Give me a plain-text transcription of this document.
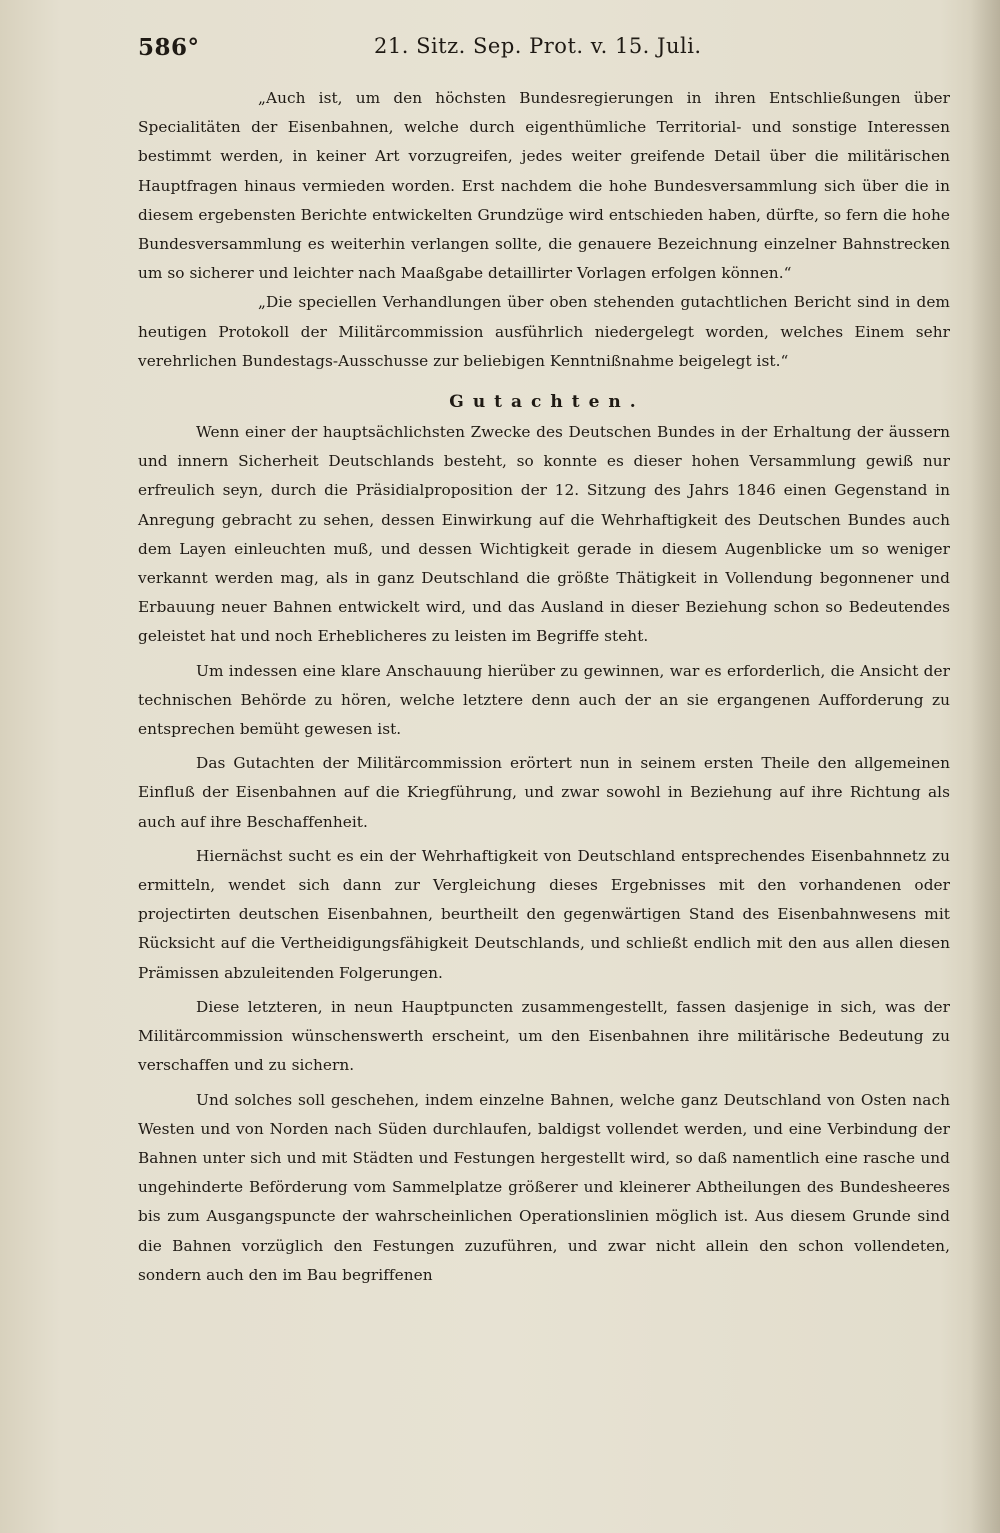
586°	21. Sitz. Sep. Prot. v. 15. Juli.

„Auch ist, um den höchsten Bundesregierungen in ihren Entschließungen über Specialitäten der Eisenbahnen, welche durch eigenthümliche Territorial- und sonstige Interessen bestimmt werden, in keiner Art vorzugreifen, jedes weiter greifende Detail über die militärischen Hauptfragen hinaus vermieden worden. Erst nachdem die hohe Bundesversammlung sich über die in diesem ergebensten Berichte entwickelten Grundzüge wird entschieden haben, dürfte, so fern die hohe Bundesversammlung es weiterhin verlangen sollte, die genauere Bezeichnung einzelner Bahnstrecken um so sicherer und leichter nach Maaßgabe detaillirter Vorlagen erfolgen können.“

„Die speciellen Verhandlungen über oben stehenden gutachtlichen Bericht sind in dem heutigen Protokoll der Militärcommission ausführlich niedergelegt worden, welches Einem sehr verehrlichen Bundestags-Ausschusse zur beliebigen Kenntnißnahme beigelegt ist.“

Gutachten.

Wenn einer der hauptsächlichsten Zwecke des Deutschen Bundes in der Erhaltung der äussern und innern Sicherheit Deutschlands besteht, so konnte es dieser hohen Versammlung gewiß nur erfreulich seyn, durch die Präsidialproposition der 12. Sitzung des Jahrs 1846 einen Gegenstand in Anregung gebracht zu sehen, dessen Einwirkung auf die Wehrhaftigkeit des Deutschen Bundes auch dem Layen einleuchten muß, und dessen Wichtigkeit gerade in diesem Augenblicke um so weniger verkannt werden mag, als in ganz Deutschland die größte Thätigkeit in Vollendung begonnener und Erbauung neuer Bahnen entwickelt wird, und das Ausland in dieser Beziehung schon so Bedeutendes geleistet hat und noch Erheblicheres zu leisten im Begriffe steht.

Um indessen eine klare Anschauung hierüber zu gewinnen, war es erforderlich, die Ansicht der technischen Behörde zu hören, welche letztere denn auch der an sie ergangenen Aufforderung zu entsprechen bemüht gewesen ist.

Das Gutachten der Militärcommission erörtert nun in seinem ersten Theile den allgemeinen Einfluß der Eisenbahnen auf die Kriegführung, und zwar sowohl in Beziehung auf ihre Richtung als auch auf ihre Beschaffenheit.

Hiernächst sucht es ein der Wehrhaftigkeit von Deutschland entsprechendes Eisenbahnnetz zu ermitteln, wendet sich dann zur Vergleichung dieses Ergebnisses mit den vorhandenen oder projectirten deutschen Eisenbahnen, beurtheilt den gegenwärtigen Stand des Eisenbahnwesens mit Rücksicht auf die Vertheidigungsfähigkeit Deutschlands, und schließt endlich mit den aus allen diesen Prämissen abzuleitenden Folgerungen.

Diese letzteren, in neun Hauptpuncten zusammengestellt, fassen dasjenige in sich, was der Militärcommission wünschenswerth erscheint, um den Eisenbahnen ihre militärische Bedeutung zu verschaffen und zu sichern.

Und solches soll geschehen, indem einzelne Bahnen, welche ganz Deutschland von Osten nach Westen und von Norden nach Süden durchlaufen, baldigst vollendet werden, und eine Verbindung der Bahnen unter sich und mit Städten und Festungen hergestellt wird, so daß namentlich eine rasche und ungehinderte Beförderung vom Sammelplatze größerer und kleinerer Abtheilungen des Bundesheeres bis zum Ausgangspuncte der wahrscheinlichen Operationslinien möglich ist. Aus diesem Grunde sind die Bahnen vorzüglich den Festungen zuzuführen, und zwar nicht allein den schon vollendeten, sondern auch den im Bau begriffenen
